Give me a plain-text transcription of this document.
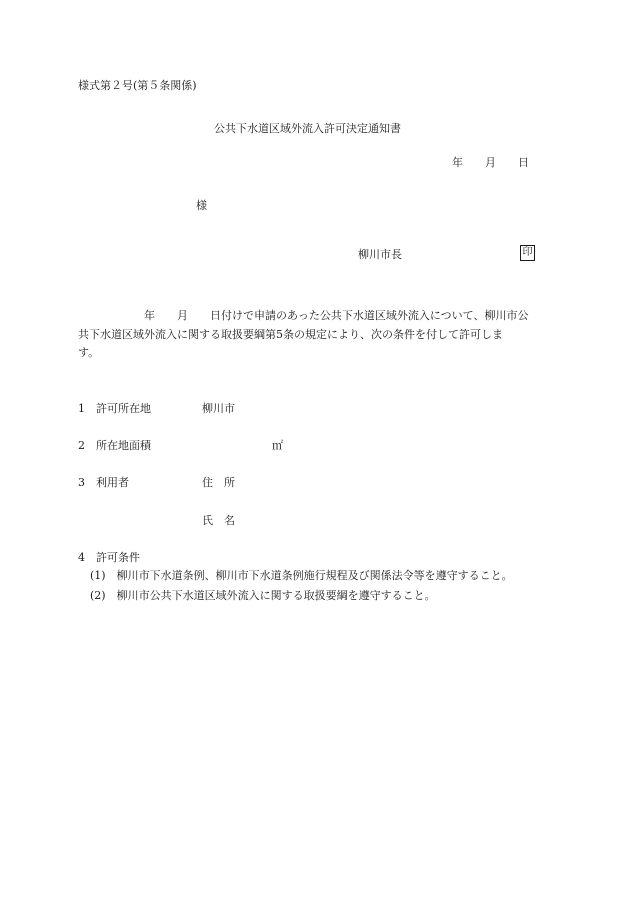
様式第２号(第５条関係)
公共下水道区域外流入許可決定通知書
年　　月　　日
様
柳川市長	印
　　　　　　年　　月　　日付けで申請のあった公共下水道区域外流入について、柳川市公
共下水道区域外流入に関する取扱要綱第5条の規定により、次の条件を付して許可しま
す。
1　許可所在地	柳川市
2　所在地面積	㎡
3　利用者	住　所
氏　名
4　許可条件
(1)　柳川市下水道条例、柳川市下水道条例施行規程及び関係法令等を遵守すること。
(2)　柳川市公共下水道区域外流入に関する取扱要綱を遵守すること。
